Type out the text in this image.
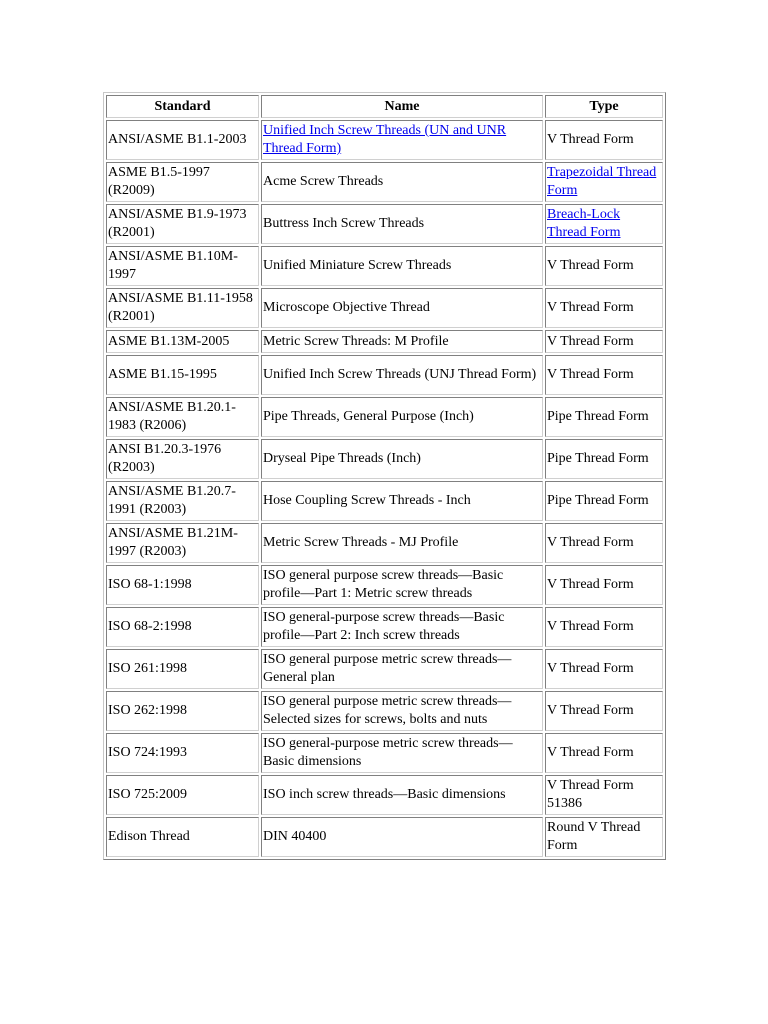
Standard	Name	Type
ANSI/ASME B1.1-2003	Unified Inch Screw Threads (UN and UNR Thread Form)	V Thread Form
ASME B1.5-1997 (R2009)	Acme Screw Threads	Trapezoidal Thread Form
ANSI/ASME B1.9-1973 (R2001)	Buttress Inch Screw Threads	Breach-Lock Thread Form
ANSI/ASME B1.10M-1997	Unified Miniature Screw Threads	V Thread Form
ANSI/ASME B1.11-1958 (R2001)	Microscope Objective Thread	V Thread Form
ASME B1.13M-2005	Metric Screw Threads: M Profile	V Thread Form
ASME B1.15-1995	Unified Inch Screw Threads (UNJ Thread Form)	V Thread Form
ANSI/ASME B1.20.1-1983 (R2006)	Pipe Threads, General Purpose (Inch)	Pipe Thread Form
ANSI B1.20.3-1976 (R2003)	Dryseal Pipe Threads (Inch)	Pipe Thread Form
ANSI/ASME B1.20.7-1991 (R2003)	Hose Coupling Screw Threads - Inch	Pipe Thread Form
ANSI/ASME B1.21M-1997 (R2003)	Metric Screw Threads - MJ Profile	V Thread Form
ISO 68-1:1998	ISO general purpose screw threads—Basic profile—Part 1: Metric screw threads	V Thread Form
ISO 68-2:1998	ISO general-purpose screw threads—Basic profile—Part 2: Inch screw threads	V Thread Form
ISO 261:1998	ISO general purpose metric screw threads—General plan	V Thread Form
ISO 262:1998	ISO general purpose metric screw threads—Selected sizes for screws, bolts and nuts	V Thread Form
ISO 724:1993	ISO general-purpose metric screw threads—Basic dimensions	V Thread Form
ISO 725:2009	ISO inch screw threads—Basic dimensions	V Thread Form 51386
Edison Thread	DIN 40400	Round V Thread Form
